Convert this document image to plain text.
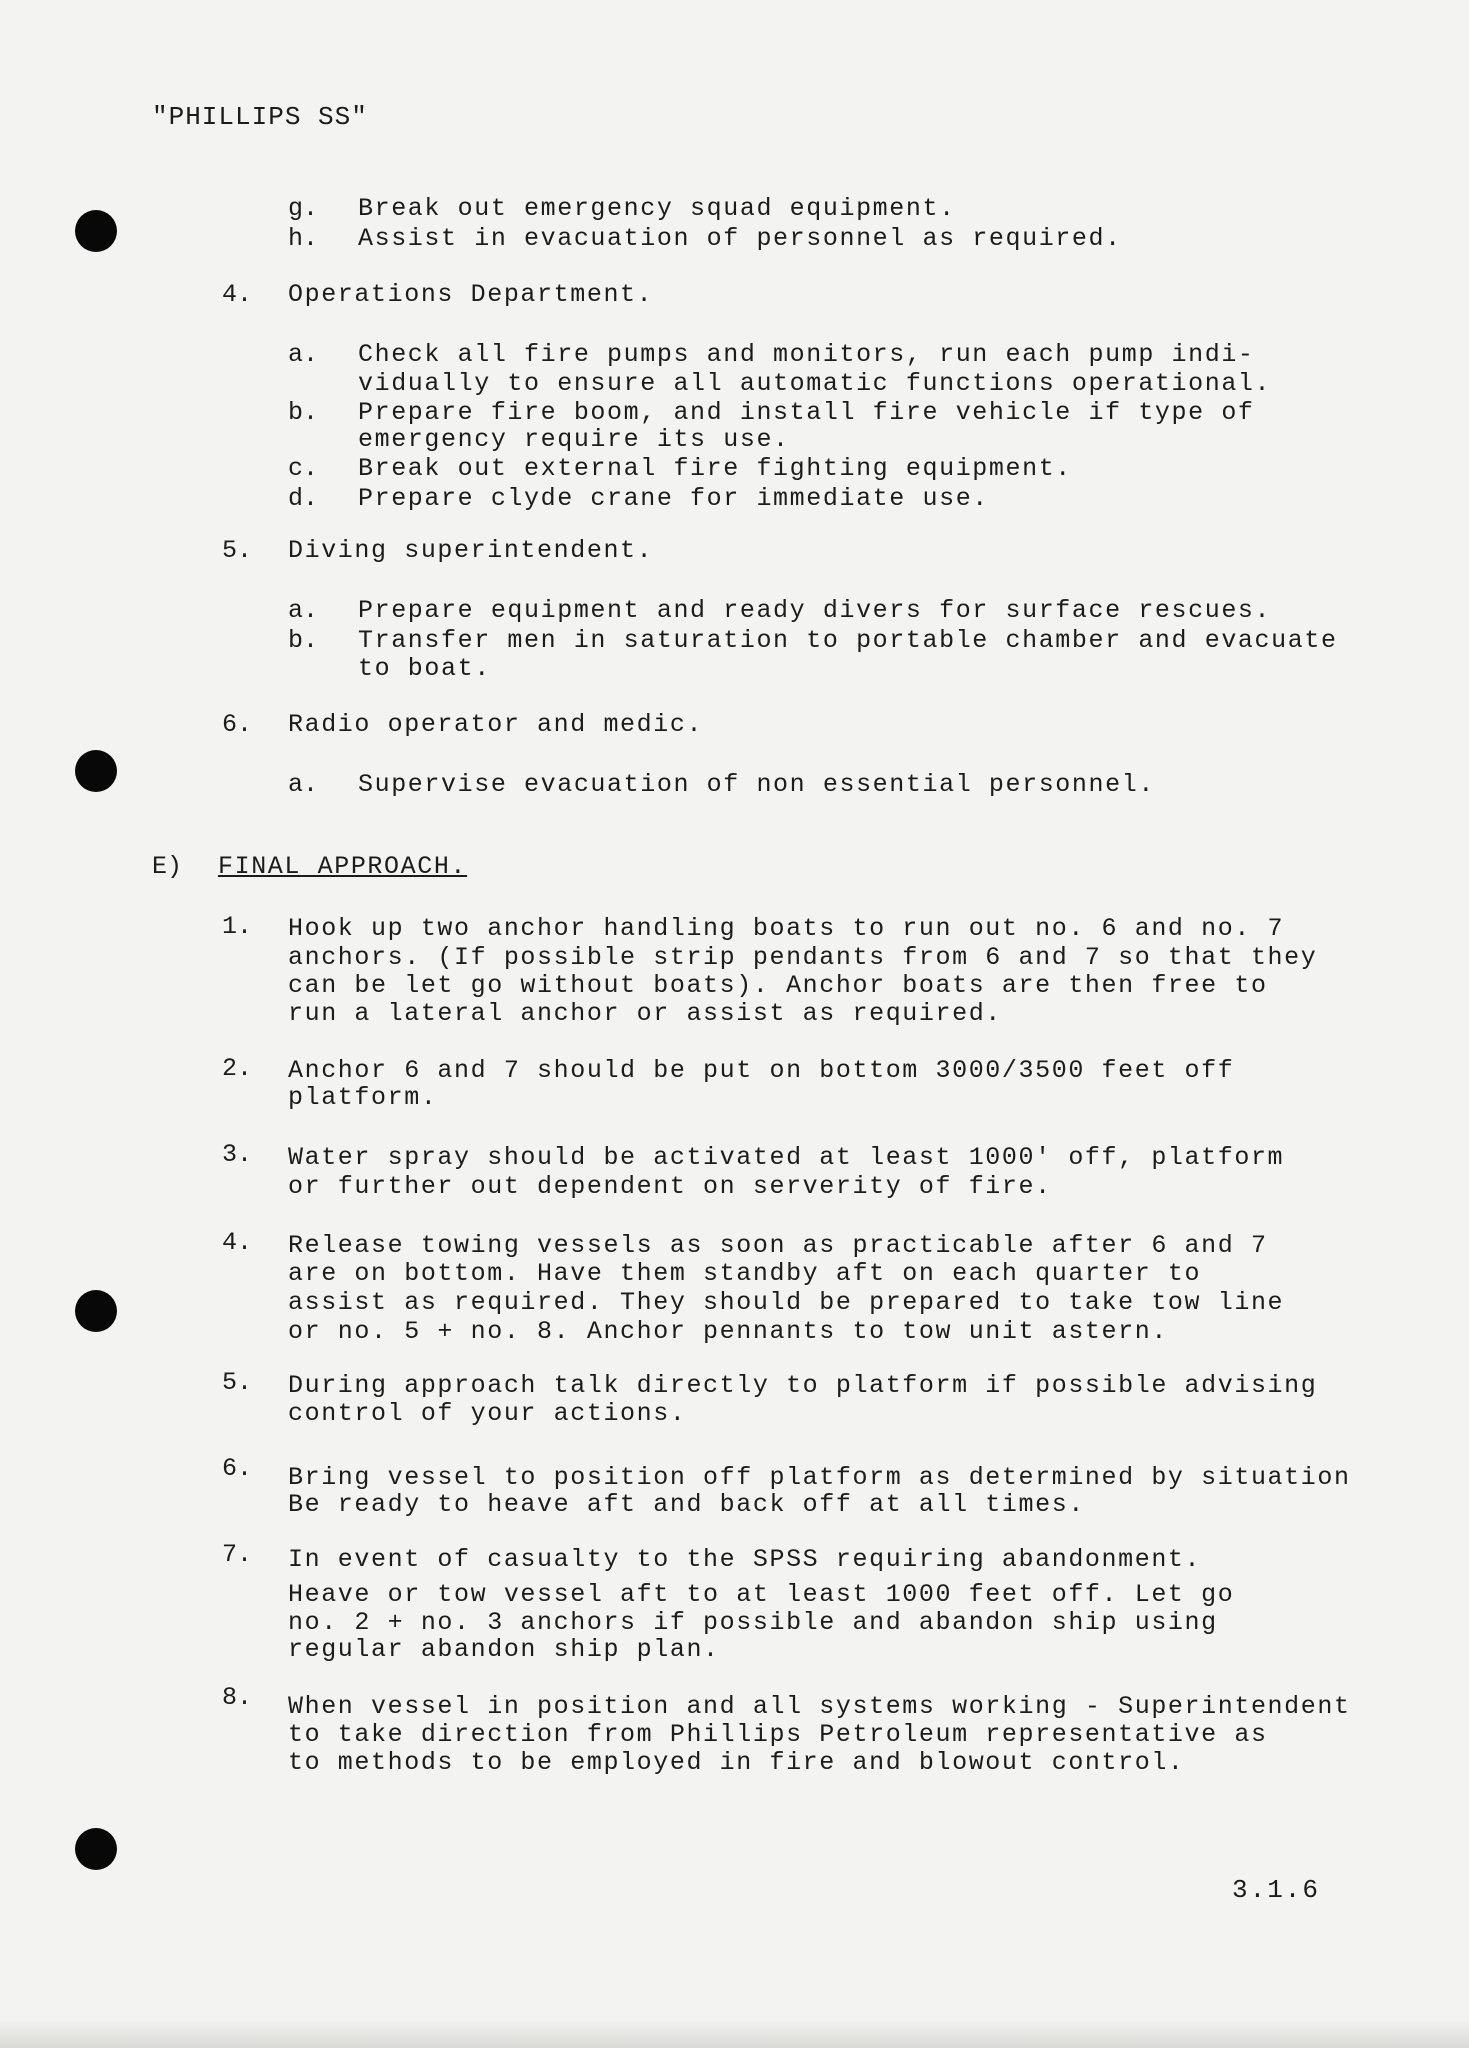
"PHILLIPS SS"
g. Break out emergency squad equipment.
h. Assist in evacuation of personnel as required.
4. Operations Department.
a. Check all fire pumps and monitors, run each pump indi-
vidually to ensure all automatic functions operational.
b. Prepare fire boom, and install fire vehicle if type of
emergency require its use.
c. Break out external fire fighting equipment.
d. Prepare clyde crane for immediate use.
5. Diving superintendent.
a. Prepare equipment and ready divers for surface rescues.
b. Transfer men in saturation to portable chamber and evacuate
to boat.
6. Radio operator and medic.
a. Supervise evacuation of non essential personnel.
E) FINAL APPROACH.
1. Hook up two anchor handling boats to run out no. 6 and no. 7
anchors. (If possible strip pendants from 6 and 7 so that they
can be let go without boats). Anchor boats are then free to
run a lateral anchor or assist as required.
2. Anchor 6 and 7 should be put on bottom 3000/3500 feet off
platform.
3. Water spray should be activated at least 1000' off, platform
or further out dependent on serverity of fire.
4. Release towing vessels as soon as practicable after 6 and 7
are on bottom. Have them standby aft on each quarter to
assist as required. They should be prepared to take tow line
or no. 5 + no. 8. Anchor pennants to tow unit astern.
5. During approach talk directly to platform if possible advising
control of your actions.
6. Bring vessel to position off platform as determined by situation
Be ready to heave aft and back off at all times.
7. In event of casualty to the SPSS requiring abandonment.
Heave or tow vessel aft to at least 1000 feet off. Let go
no. 2 + no. 3 anchors if possible and abandon ship using
regular abandon ship plan.
8. When vessel in position and all systems working - Superintendent
to take direction from Phillips Petroleum representative as
to methods to be employed in fire and blowout control.
3.1.6
